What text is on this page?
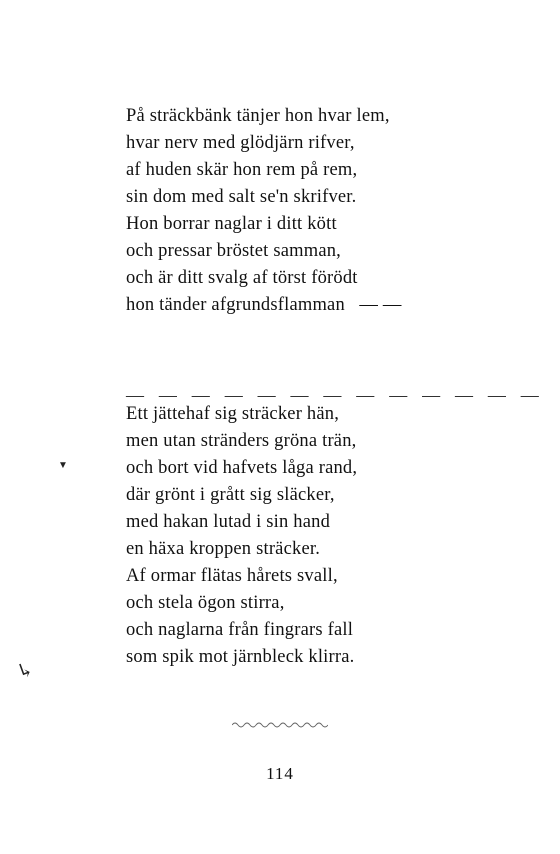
På sträckbänk tänjer hon hvar lem,
hvar nerv med glödjärn rifver,
af huden skär hon rem på rem,
sin dom med salt se'n skrifver.
Hon borrar naglar i ditt kött
och pressar bröstet samman,
och är ditt svalg af törst förödt
hon tänder afgrundsflamman   — —
— — — — — — — — — — — — —
Ett jättehaf sig sträcker hän,
men utan stränders gröna trän,
och bort vid hafvets låga rand,
där grönt i grått sig släcker,
med hakan lutad i sin hand
en häxa kroppen sträcker.
Af ormar flätas hårets svall,
och stela ögon stirra,
och naglarna från fingrars fall
som spik mot järnbleck klirra.
▼
↳
114
